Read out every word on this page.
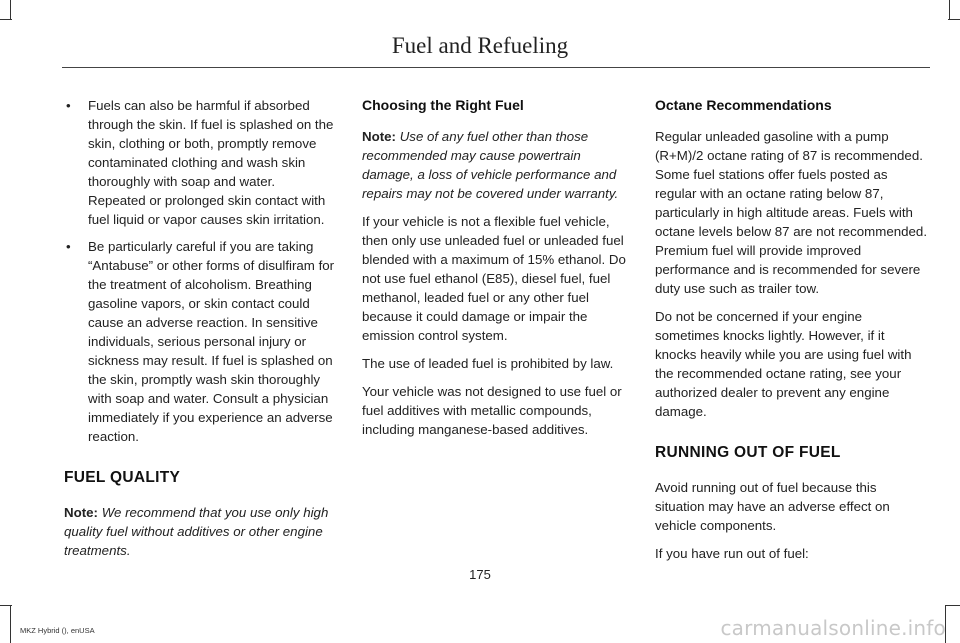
Fuel and Refueling
• Fuels can also be harmful if absorbed through the skin. If fuel is splashed on the skin, clothing or both, promptly remove contaminated clothing and wash skin thoroughly with soap and water. Repeated or prolonged skin contact with fuel liquid or vapor causes skin irritation.
• Be particularly careful if you are taking “Antabuse” or other forms of disulfiram for the treatment of alcoholism. Breathing gasoline vapors, or skin contact could cause an adverse reaction. In sensitive individuals, serious personal injury or sickness may result. If fuel is splashed on the skin, promptly wash skin thoroughly with soap and water. Consult a physician immediately if you experience an adverse reaction.
FUEL QUALITY

Note: We recommend that you use only high quality fuel without additives or other engine treatments.

Choosing the Right Fuel

Note: Use of any fuel other than those recommended may cause powertrain damage, a loss of vehicle performance and repairs may not be covered under warranty.

If your vehicle is not a flexible fuel vehicle, then only use unleaded fuel or unleaded fuel blended with a maximum of 15% ethanol. Do not use fuel ethanol (E85), diesel fuel, fuel methanol, leaded fuel or any other fuel because it could damage or impair the emission control system.

The use of leaded fuel is prohibited by law.

Your vehicle was not designed to use fuel or fuel additives with metallic compounds, including manganese-based additives.

Octane Recommendations

Regular unleaded gasoline with a pump (R+M)/2 octane rating of 87 is recommended. Some fuel stations offer fuels posted as regular with an octane rating below 87, particularly in high altitude areas. Fuels with octane levels below 87 are not recommended. Premium fuel will provide improved performance and is recommended for severe duty use such as trailer tow.

Do not be concerned if your engine sometimes knocks lightly. However, if it knocks heavily while you are using fuel with the recommended octane rating, see your authorized dealer to prevent any engine damage.

RUNNING OUT OF FUEL

Avoid running out of fuel because this situation may have an adverse effect on vehicle components.

If you have run out of fuel:

175
MKZ Hybrid (), enUSA	carmanualsonline.info
